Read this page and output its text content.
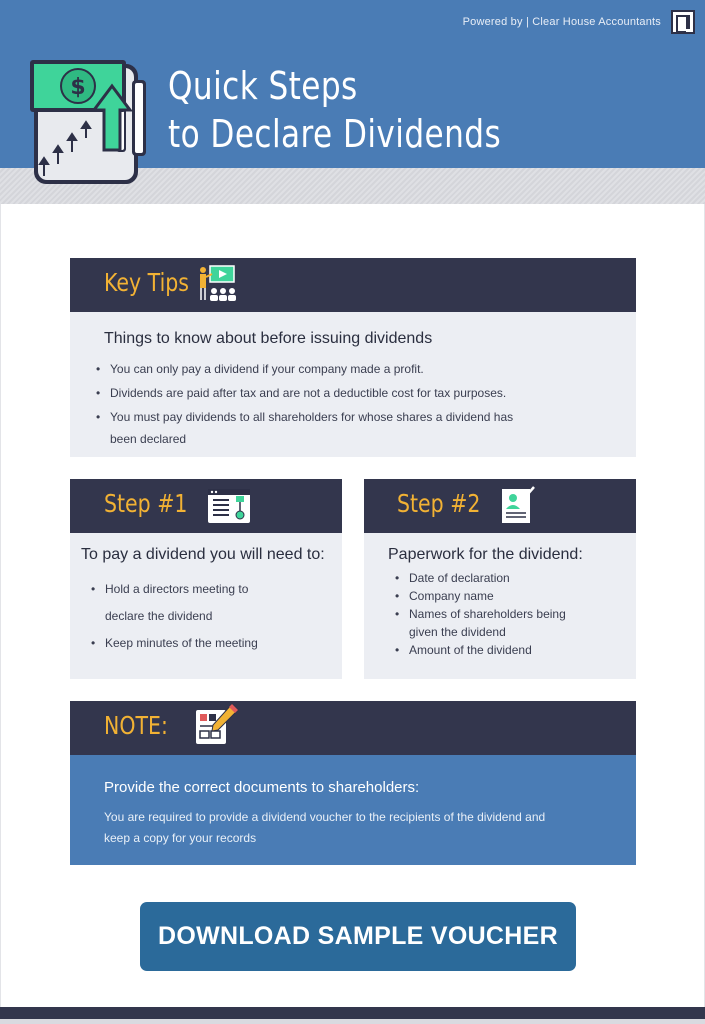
Powered by | Clear House Accountants
$ Quick Steps
to Declare Dividends
Key Tips
Things to know about before issuing dividends
• You can only pay a dividend if your company made a profit.
• Dividends are paid after tax and are not a deductible cost for tax purposes.
• You must pay dividends to all shareholders for whose shares a dividend has
been declared
Step #1
To pay a dividend you will need to:
• Hold a directors meeting to
declare the dividend
• Keep minutes of the meeting
Step #2
Paperwork for the dividend:
• Date of declaration
• Company name
• Names of shareholders being
given the dividend
• Amount of the dividend
NOTE:
Provide the correct documents to shareholders:
You are required to provide a dividend voucher to the recipients of the dividend and
keep a copy for your records
DOWNLOAD SAMPLE VOUCHER
